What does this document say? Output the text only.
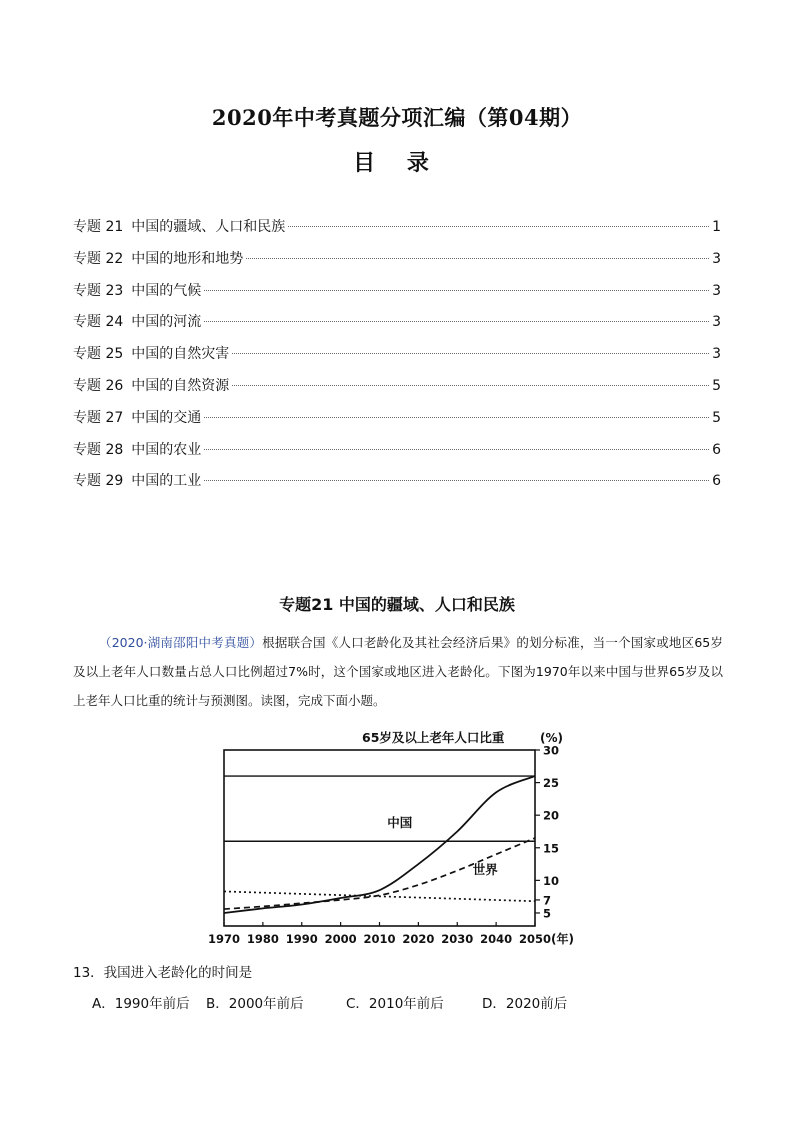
2020年中考真题分项汇编（第04期）
目 录
专题 21 中国的疆域、人口和民族	1
专题 22 中国的地形和地势	3
专题 23 中国的气候	3
专题 24 中国的河流	3
专题 25 中国的自然灾害	3
专题 26 中国的自然资源	5
专题 27 中国的交通	5
专题 28 中国的农业	6
专题 29 中国的工业	6
专题21 中国的疆域、人口和民族
（2020·湖南邵阳中考真题）根据联合国《人口老龄化及其社会经济后果》的划分标准，当一个国家或地区65岁及以上老年人口数量占总人口比例超过7%时，这个国家或地区进入老龄化。下图为1970年以来中国与世界65岁及以上老年人口比重的统计与预测图。读图，完成下面小题。
1970 1980 1990 2000 2010 2020 2030 2040 2050 (年)
5
7
10
15
20
25
30
65岁及以上老年人口比重	(%)
中国
世界
13．我国进入老龄化的时间是
A．1990年前后 B．2000年前后	C．2010年前后	D．2020前后
